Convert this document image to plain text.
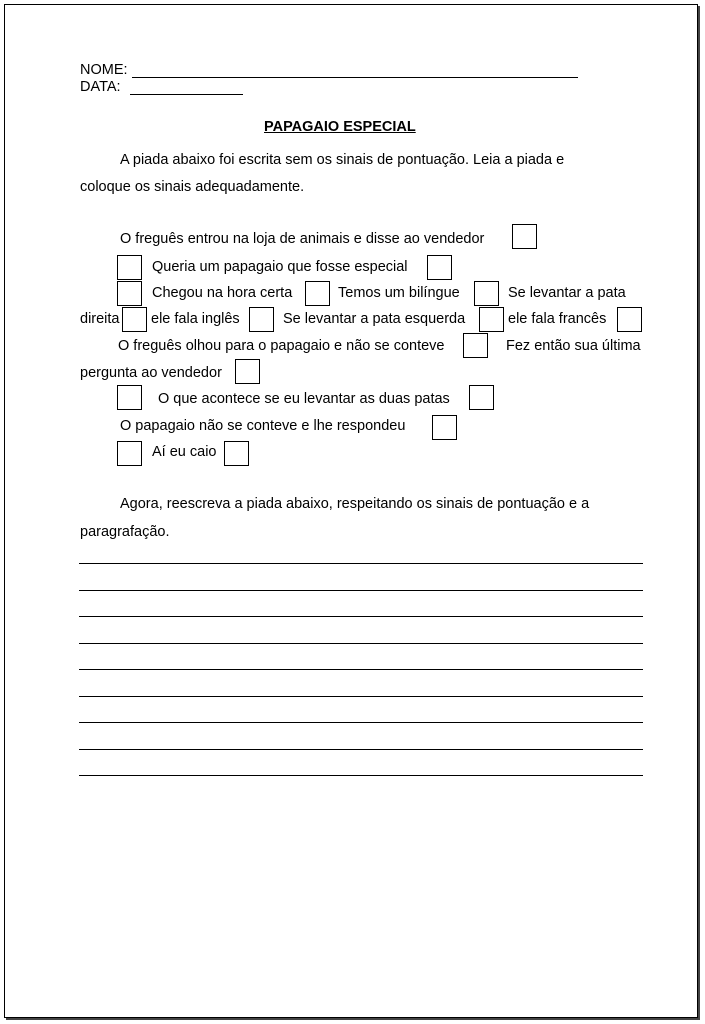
NOME:
DATA:
PAPAGAIO ESPECIAL
A piada abaixo foi escrita sem os sinais de pontuação. Leia a piada e
coloque os sinais adequadamente.
O freguês entrou na loja de animais e disse ao vendedor
Queria um papagaio que fosse especial
Chegou na hora certa	Temos um bilíngue	Se levantar a pata
direita ele fala inglês	Se levantar a pata esquerda	ele fala francês
O freguês olhou para o papagaio e não se conteve	Fez então sua última
pergunta ao vendedor
O que acontece se eu levantar as duas patas
O papagaio não se conteve e lhe respondeu
Aí eu caio
Agora, reescreva a piada abaixo, respeitando os sinais de pontuação e a
paragrafação.
